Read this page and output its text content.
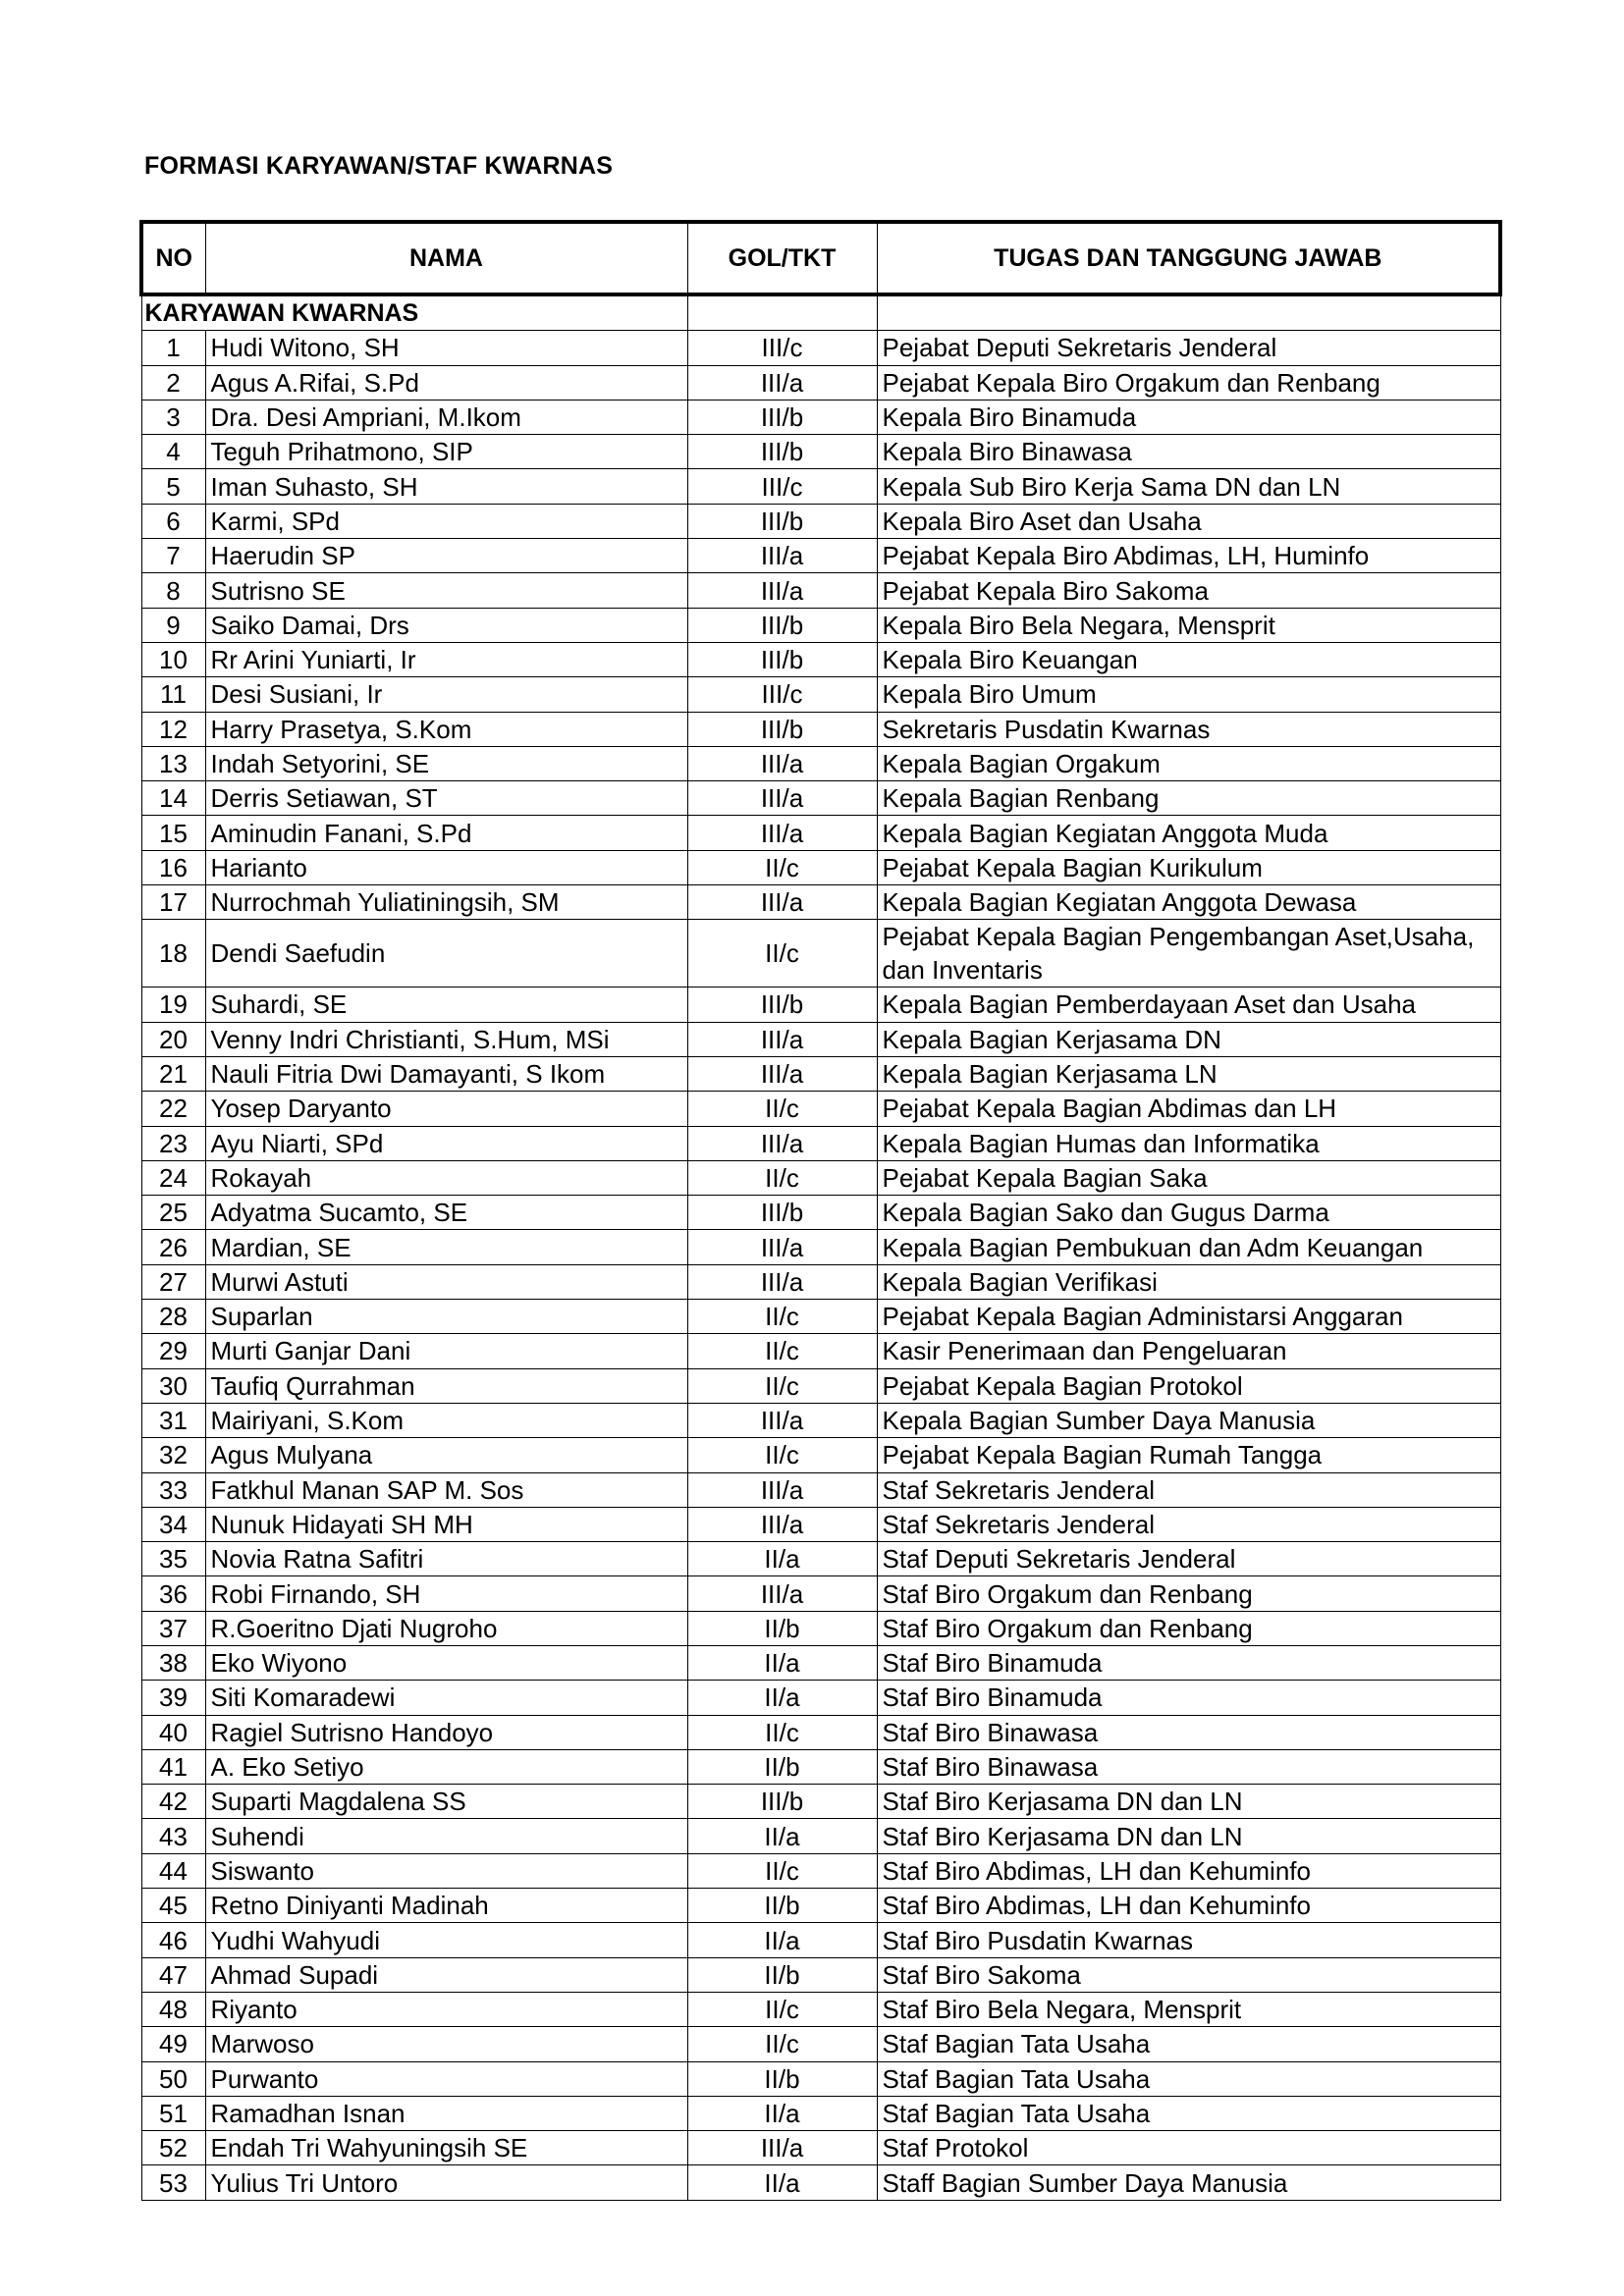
FORMASI KARYAWAN/STAF KWARNAS
NO	NAMA	GOL/TKT	TUGAS DAN TANGGUNG JAWAB
KARYAWAN KWARNAS			
1	Hudi Witono, SH	III/c	Pejabat Deputi Sekretaris Jenderal
2	Agus A.Rifai, S.Pd	III/a	Pejabat Kepala Biro Orgakum dan Renbang
3	Dra. Desi Ampriani, M.Ikom	III/b	Kepala Biro Binamuda
4	Teguh Prihatmono, SIP	III/b	Kepala Biro Binawasa
5	Iman Suhasto, SH	III/c	Kepala Sub Biro Kerja Sama DN dan LN
6	Karmi, SPd	III/b	Kepala Biro Aset dan Usaha
7	Haerudin SP	III/a	Pejabat Kepala Biro Abdimas, LH, Huminfo
8	Sutrisno SE	III/a	Pejabat Kepala Biro Sakoma
9	Saiko Damai, Drs	III/b	Kepala Biro Bela Negara, Mensprit
10	Rr Arini Yuniarti, Ir	III/b	Kepala Biro Keuangan
11	Desi Susiani, Ir	III/c	Kepala Biro Umum
12	Harry Prasetya, S.Kom	III/b	Sekretaris Pusdatin Kwarnas
13	Indah Setyorini, SE	III/a	Kepala Bagian Orgakum
14	Derris Setiawan, ST	III/a	Kepala Bagian Renbang
15	Aminudin Fanani, S.Pd	III/a	Kepala Bagian Kegiatan Anggota Muda
16	Harianto	II/c	Pejabat Kepala Bagian Kurikulum
17	Nurrochmah Yuliatiningsih, SM	III/a	Kepala Bagian Kegiatan Anggota Dewasa
18	Dendi Saefudin	II/c	Pejabat Kepala Bagian Pengembangan Aset,Usaha, dan Inventaris
19	Suhardi, SE	III/b	Kepala Bagian Pemberdayaan Aset dan Usaha
20	Venny Indri Christianti, S.Hum, MSi	III/a	Kepala Bagian Kerjasama DN
21	Nauli Fitria Dwi Damayanti, S Ikom	III/a	Kepala Bagian Kerjasama LN
22	Yosep Daryanto	II/c	Pejabat Kepala Bagian Abdimas dan LH
23	Ayu Niarti, SPd	III/a	Kepala Bagian Humas dan Informatika
24	Rokayah	II/c	Pejabat Kepala Bagian Saka
25	Adyatma Sucamto, SE	III/b	Kepala Bagian Sako dan Gugus Darma
26	Mardian, SE	III/a	Kepala Bagian Pembukuan dan Adm Keuangan
27	Murwi Astuti	III/a	Kepala Bagian Verifikasi
28	Suparlan	II/c	Pejabat Kepala Bagian Administarsi Anggaran
29	Murti Ganjar Dani	II/c	Kasir Penerimaan dan Pengeluaran
30	Taufiq Qurrahman	II/c	Pejabat Kepala Bagian Protokol
31	Mairiyani, S.Kom	III/a	Kepala Bagian Sumber Daya Manusia
32	Agus Mulyana	II/c	Pejabat Kepala Bagian Rumah Tangga
33	Fatkhul Manan SAP M. Sos	III/a	Staf Sekretaris Jenderal
34	Nunuk Hidayati SH MH	III/a	Staf Sekretaris Jenderal
35	Novia Ratna Safitri	II/a	Staf Deputi Sekretaris Jenderal
36	Robi Firnando, SH	III/a	Staf Biro Orgakum dan Renbang
37	R.Goeritno Djati Nugroho	II/b	Staf Biro Orgakum dan Renbang
38	Eko Wiyono	II/a	Staf Biro Binamuda
39	Siti Komaradewi	II/a	Staf Biro Binamuda
40	Ragiel Sutrisno Handoyo	II/c	Staf Biro Binawasa
41	A. Eko Setiyo	II/b	Staf Biro Binawasa
42	Suparti Magdalena SS	III/b	Staf Biro Kerjasama DN dan LN
43	Suhendi	II/a	Staf Biro Kerjasama DN dan LN
44	Siswanto	II/c	Staf Biro Abdimas, LH dan Kehuminfo
45	Retno Diniyanti Madinah	II/b	Staf Biro Abdimas, LH dan Kehuminfo
46	Yudhi Wahyudi	II/a	Staf Biro Pusdatin Kwarnas
47	Ahmad Supadi	II/b	Staf Biro Sakoma
48	Riyanto	II/c	Staf Biro Bela Negara, Mensprit
49	Marwoso	II/c	Staf Bagian Tata Usaha
50	Purwanto	II/b	Staf Bagian Tata Usaha
51	Ramadhan Isnan	II/a	Staf Bagian Tata Usaha
52	Endah Tri Wahyuningsih SE	III/a	Staf Protokol
53	Yulius Tri Untoro	II/a	Staff Bagian Sumber Daya Manusia
